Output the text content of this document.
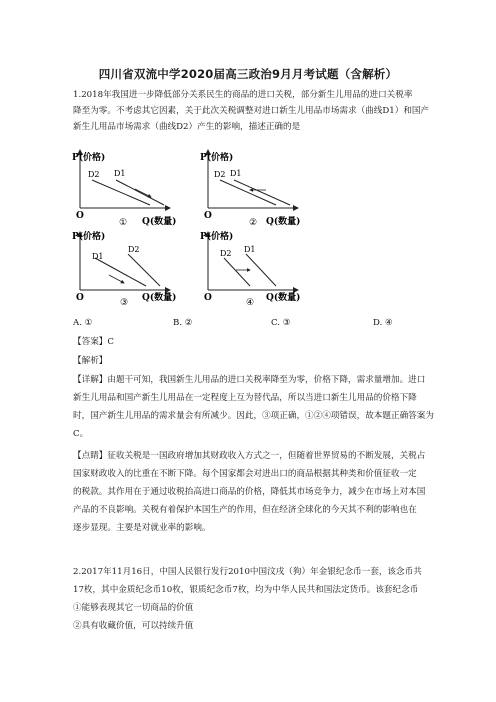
四川省双流中学2020届高三政治9月月考试题（含解析）
1.2018年我国进一步降低部分关系民生的商品的进口关税，部分新生儿用品的进口关税率
降至为零。不考虑其它因素，关于此次关税调整对进口新生儿用品市场需求（曲线D1）和国产
新生儿用品市场需求（曲线D2）产生的影响，描述正确的是
P(价格)
O
Q(数量)
D2 D1
①
P(价格)
O
Q(数量)
D2 D1
②
P(价格)
O	Q(数量)
D1
D2
③
P(价格)
O	Q(数量)
D2 D1
④
A. ①	B. ②	C. ③	D. ④
【答案】C
【解析】
【详解】由题干可知，我国新生儿用品的进口关税率降至为零，价格下降，需求量增加。进口
新生儿用品和国产新生儿用品在一定程度上互为替代品，所以当进口新生儿用品的价格下降
时，国产新生儿用品的需求量会有所减少。因此，③项正确，①②④项错误，故本题正确答案为
C。
【点睛】征收关税是一国政府增加其财政收入方式之一，但随着世界贸易的不断发展，关税占
国家财政收入的比重在不断下降。每个国家都会对进出口的商品根据其种类和价值征收一定
的税款。其作用在于通过收税抬高进口商品的价格，降低其市场竞争力，减少在市场上对本国
产品的不良影响。关税有着保护本国生产的作用，但在经济全球化的今天其不利的影响也在
逐步显现。主要是对就业率的影响。
2.2017年11月16日，中国人民银行发行2010中国汶戌（狗）年金银纪念币一套，该念币共
17枚，其中金质纪念币10枚，银质纪念币7枚，均为中华人民共和国法定货币。该套纪念币
①能够表现其它一切商品的价值
②具有收藏价值，可以持续升值
